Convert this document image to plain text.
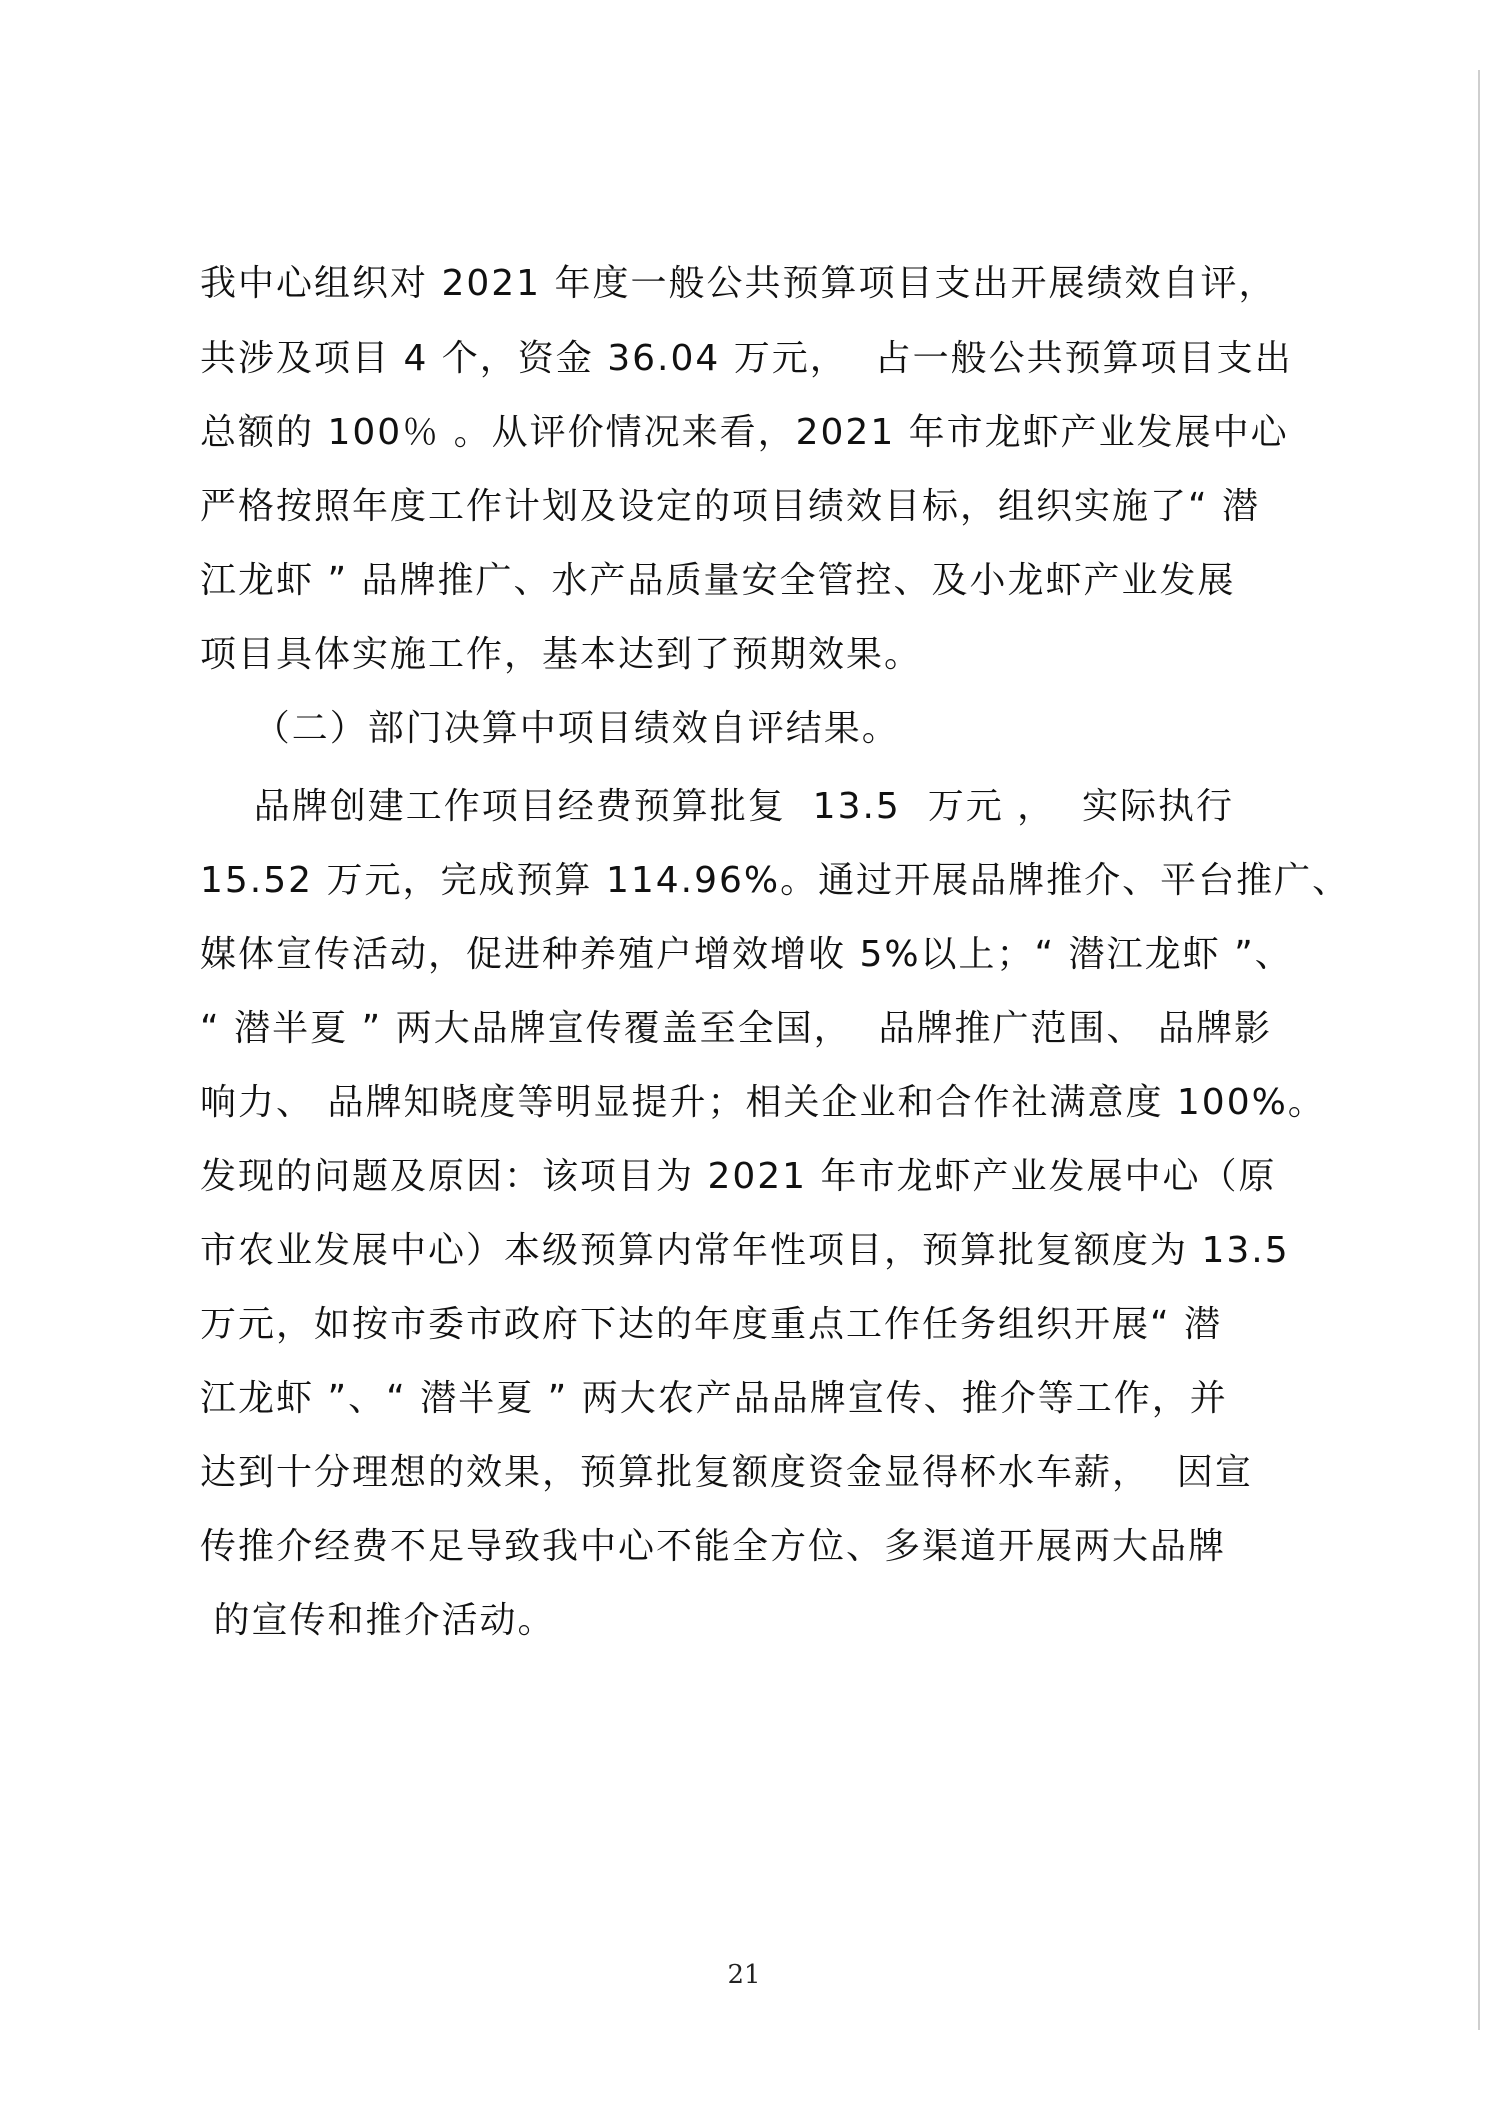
我中心组织对 2021 年度一般公共预算项目支出开展绩效自评，
共涉及项目 4 个，资金 36.04 万元，  占一般公共预算项目支出
总额的 100％ 。从评价情况来看，2021 年市龙虾产业发展中心
严格按照年度工作计划及设定的项目绩效目标，组织实施了“ 潜
江龙虾 ” 品牌推广、水产品质量安全管控、及小龙虾产业发展
项目具体实施工作，基本达到了预期效果。
（二）部门决算中项目绩效自评结果。
品牌创建工作项目经费预算批复  13.5  万元 ，  实际执行
15.52 万元，完成预算 114.96%。通过开展品牌推介、平台推广、
媒体宣传活动，促进种养殖户增效增收 5%以上；“ 潜江龙虾 ”、
“ 潜半夏 ” 两大品牌宣传覆盖至全国，  品牌推广范围、 品牌影
响力、 品牌知晓度等明显提升；相关企业和合作社满意度 100%。
发现的问题及原因：该项目为 2021 年市龙虾产业发展中心（原
市农业发展中心）本级预算内常年性项目，预算批复额度为 13.5
万元，如按市委市政府下达的年度重点工作任务组织开展“ 潜
江龙虾 ”、“ 潜半夏 ” 两大农产品品牌宣传、推介等工作，并
达到十分理想的效果，预算批复额度资金显得杯水车薪，  因宣
传推介经费不足导致我中心不能全方位、多渠道开展两大品牌
的宣传和推介活动。
21
